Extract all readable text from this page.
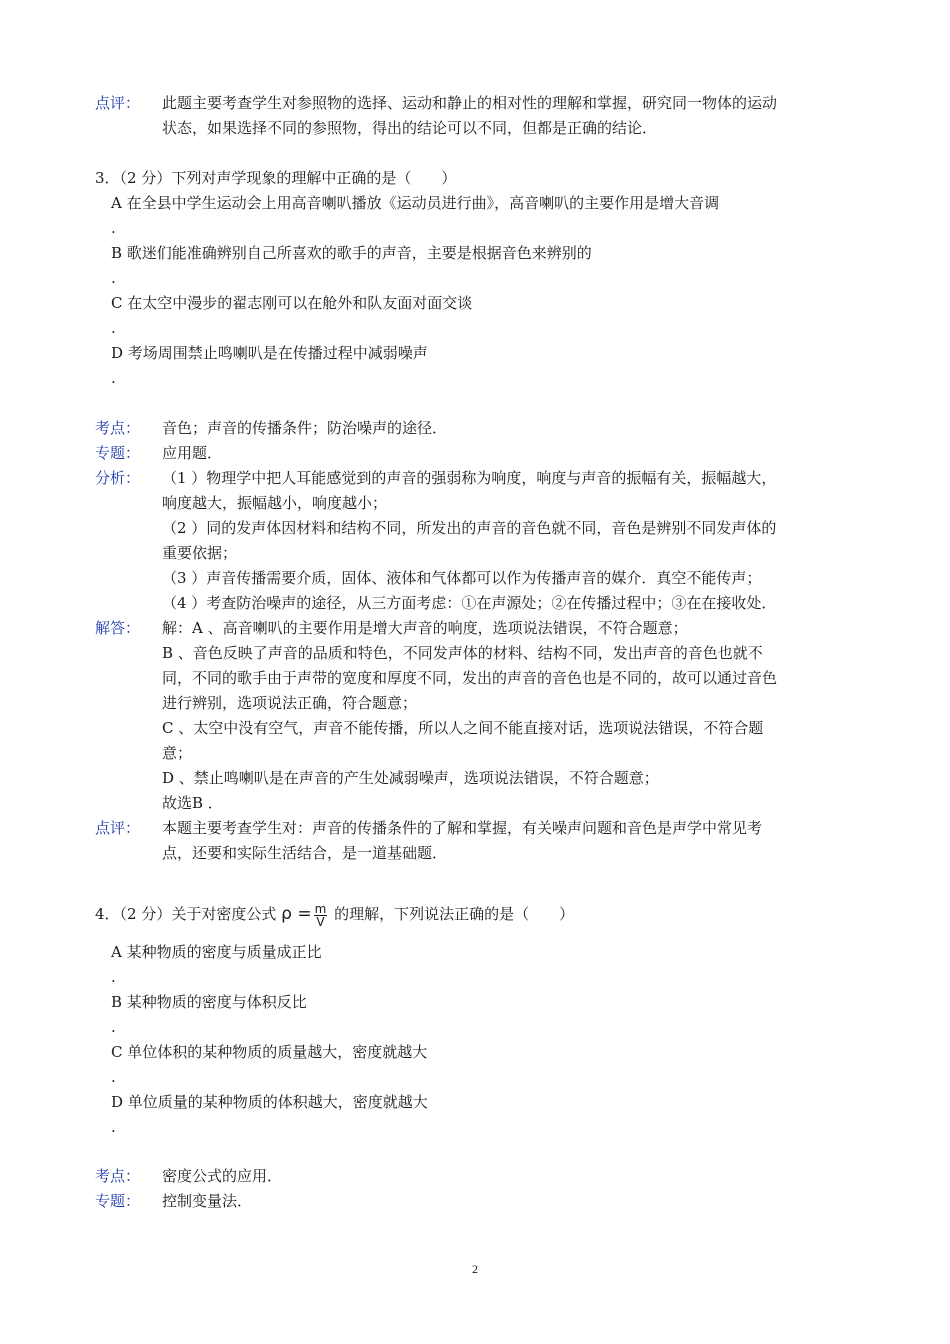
点评：	此题主要考查学生对参照物的选择、运动和静止的相对性的理解和掌握，研究同一物体的运动

状态，如果选择不同的参照物，得出的结论可以不同，但都是正确的结论．

3．（2 分）下列对声学现象的理解中正确的是（　　）
A 在全县中学生运动会上用高音喇叭播放《运动员进行曲》，高音喇叭的主要作用是增大音调
.
B 歌迷们能准确辨别自己所喜欢的歌手的声音，主要是根据音色来辨别的
.
C 在太空中漫步的翟志刚可以在舱外和队友面对面交谈
.
D 考场周围禁止鸣喇叭是在传播过程中减弱噪声
.
考点：	音色；声音的传播条件；防治噪声的途径．
专题：	应用题．
分析：	（1 ）物理学中把人耳能感觉到的声音的强弱称为响度，响度与声音的振幅有关，振幅越大，

响度越大，振幅越小，响度越小；

（2 ）同的发声体因材料和结构不同，所发出的声音的音色就不同，音色是辨别不同发声体的

重要依据；

（3 ）声音传播需要介质，固体、液体和气体都可以作为传播声音的媒介．真空不能传声；

（4 ）考查防治噪声的途径，从三方面考虑：①在声源处；②在传播过程中；③在在接收处．

解答：	解：A 、高音喇叭的主要作用是增大声音的响度，选项说法错误，不符合题意；

B 、音色反映了声音的品质和特色，不同发声体的材料、结构不同，发出声音的音色也就不

同，不同的歌手由于声带的宽度和厚度不同，发出的声音的音色也是不同的，故可以通过音色

进行辨别，选项说法正确，符合题意；

C 、太空中没有空气，声音不能传播，所以人之间不能直接对话，选项说法错误，不符合题

意；

D 、禁止鸣喇叭是在声音的产生处减弱噪声，选项说法错误，不符合题意；

故选B ．

点评：	本题主要考查学生对：声音的传播条件的了解和掌握，有关噪声问题和音色是声学中常见考

点，还要和实际生活结合，是一道基础题．

4．（2 分）关于对密度公式 $\rho = \frac{m}{V}$ 的理解，下列说法正确的是（　　）
A 某种物质的密度与质量成正比
.
B 某种物质的密度与体积反比
.
C 单位体积的某种物质的质量越大，密度就越大
.
D 单位质量的某种物质的体积越大，密度就越大
.
考点：	密度公式的应用．
专题：	控制变量法．
2
